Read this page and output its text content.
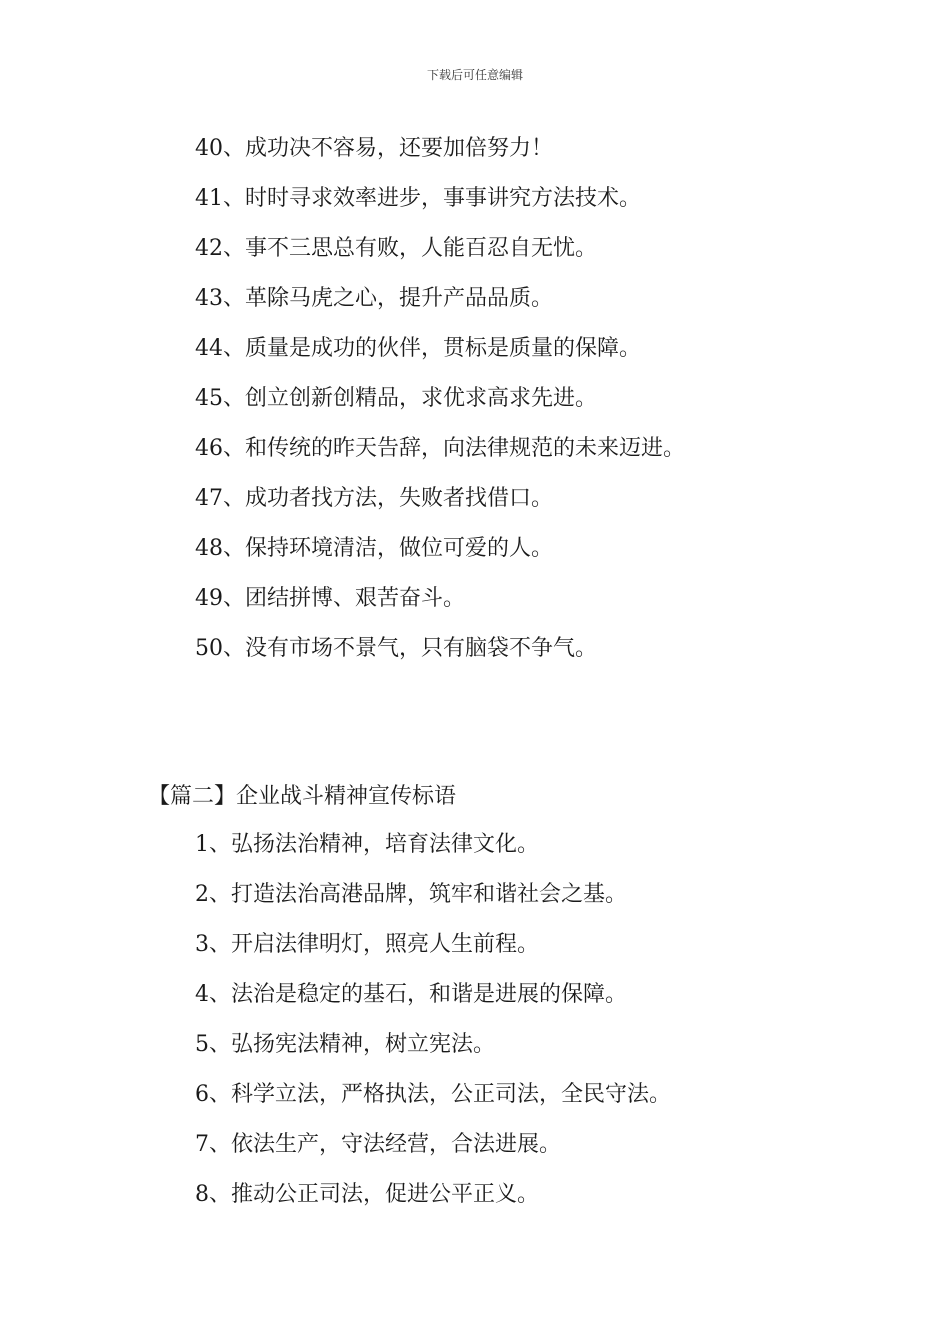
下载后可任意编辑
40、成功决不容易，还要加倍努力！
41、时时寻求效率进步，事事讲究方法技术。
42、事不三思总有败，人能百忍自无忧。
43、革除马虎之心，提升产品品质。
44、质量是成功的伙伴，贯标是质量的保障。
45、创立创新创精品，求优求高求先进。
46、和传统的昨天告辞，向法律规范的未来迈进。
47、成功者找方法，失败者找借口。
48、保持环境清洁，做位可爱的人。
49、团结拼博、艰苦奋斗。
50、没有市场不景气，只有脑袋不争气。
【篇二】企业战斗精神宣传标语
1、弘扬法治精神，培育法律文化。
2、打造法治高港品牌，筑牢和谐社会之基。
3、开启法律明灯，照亮人生前程。
4、法治是稳定的基石，和谐是进展的保障。
5、弘扬宪法精神，树立宪法。
6、科学立法，严格执法，公正司法，全民守法。
7、依法生产，守法经营，合法进展。
8、推动公正司法，促进公平正义。
